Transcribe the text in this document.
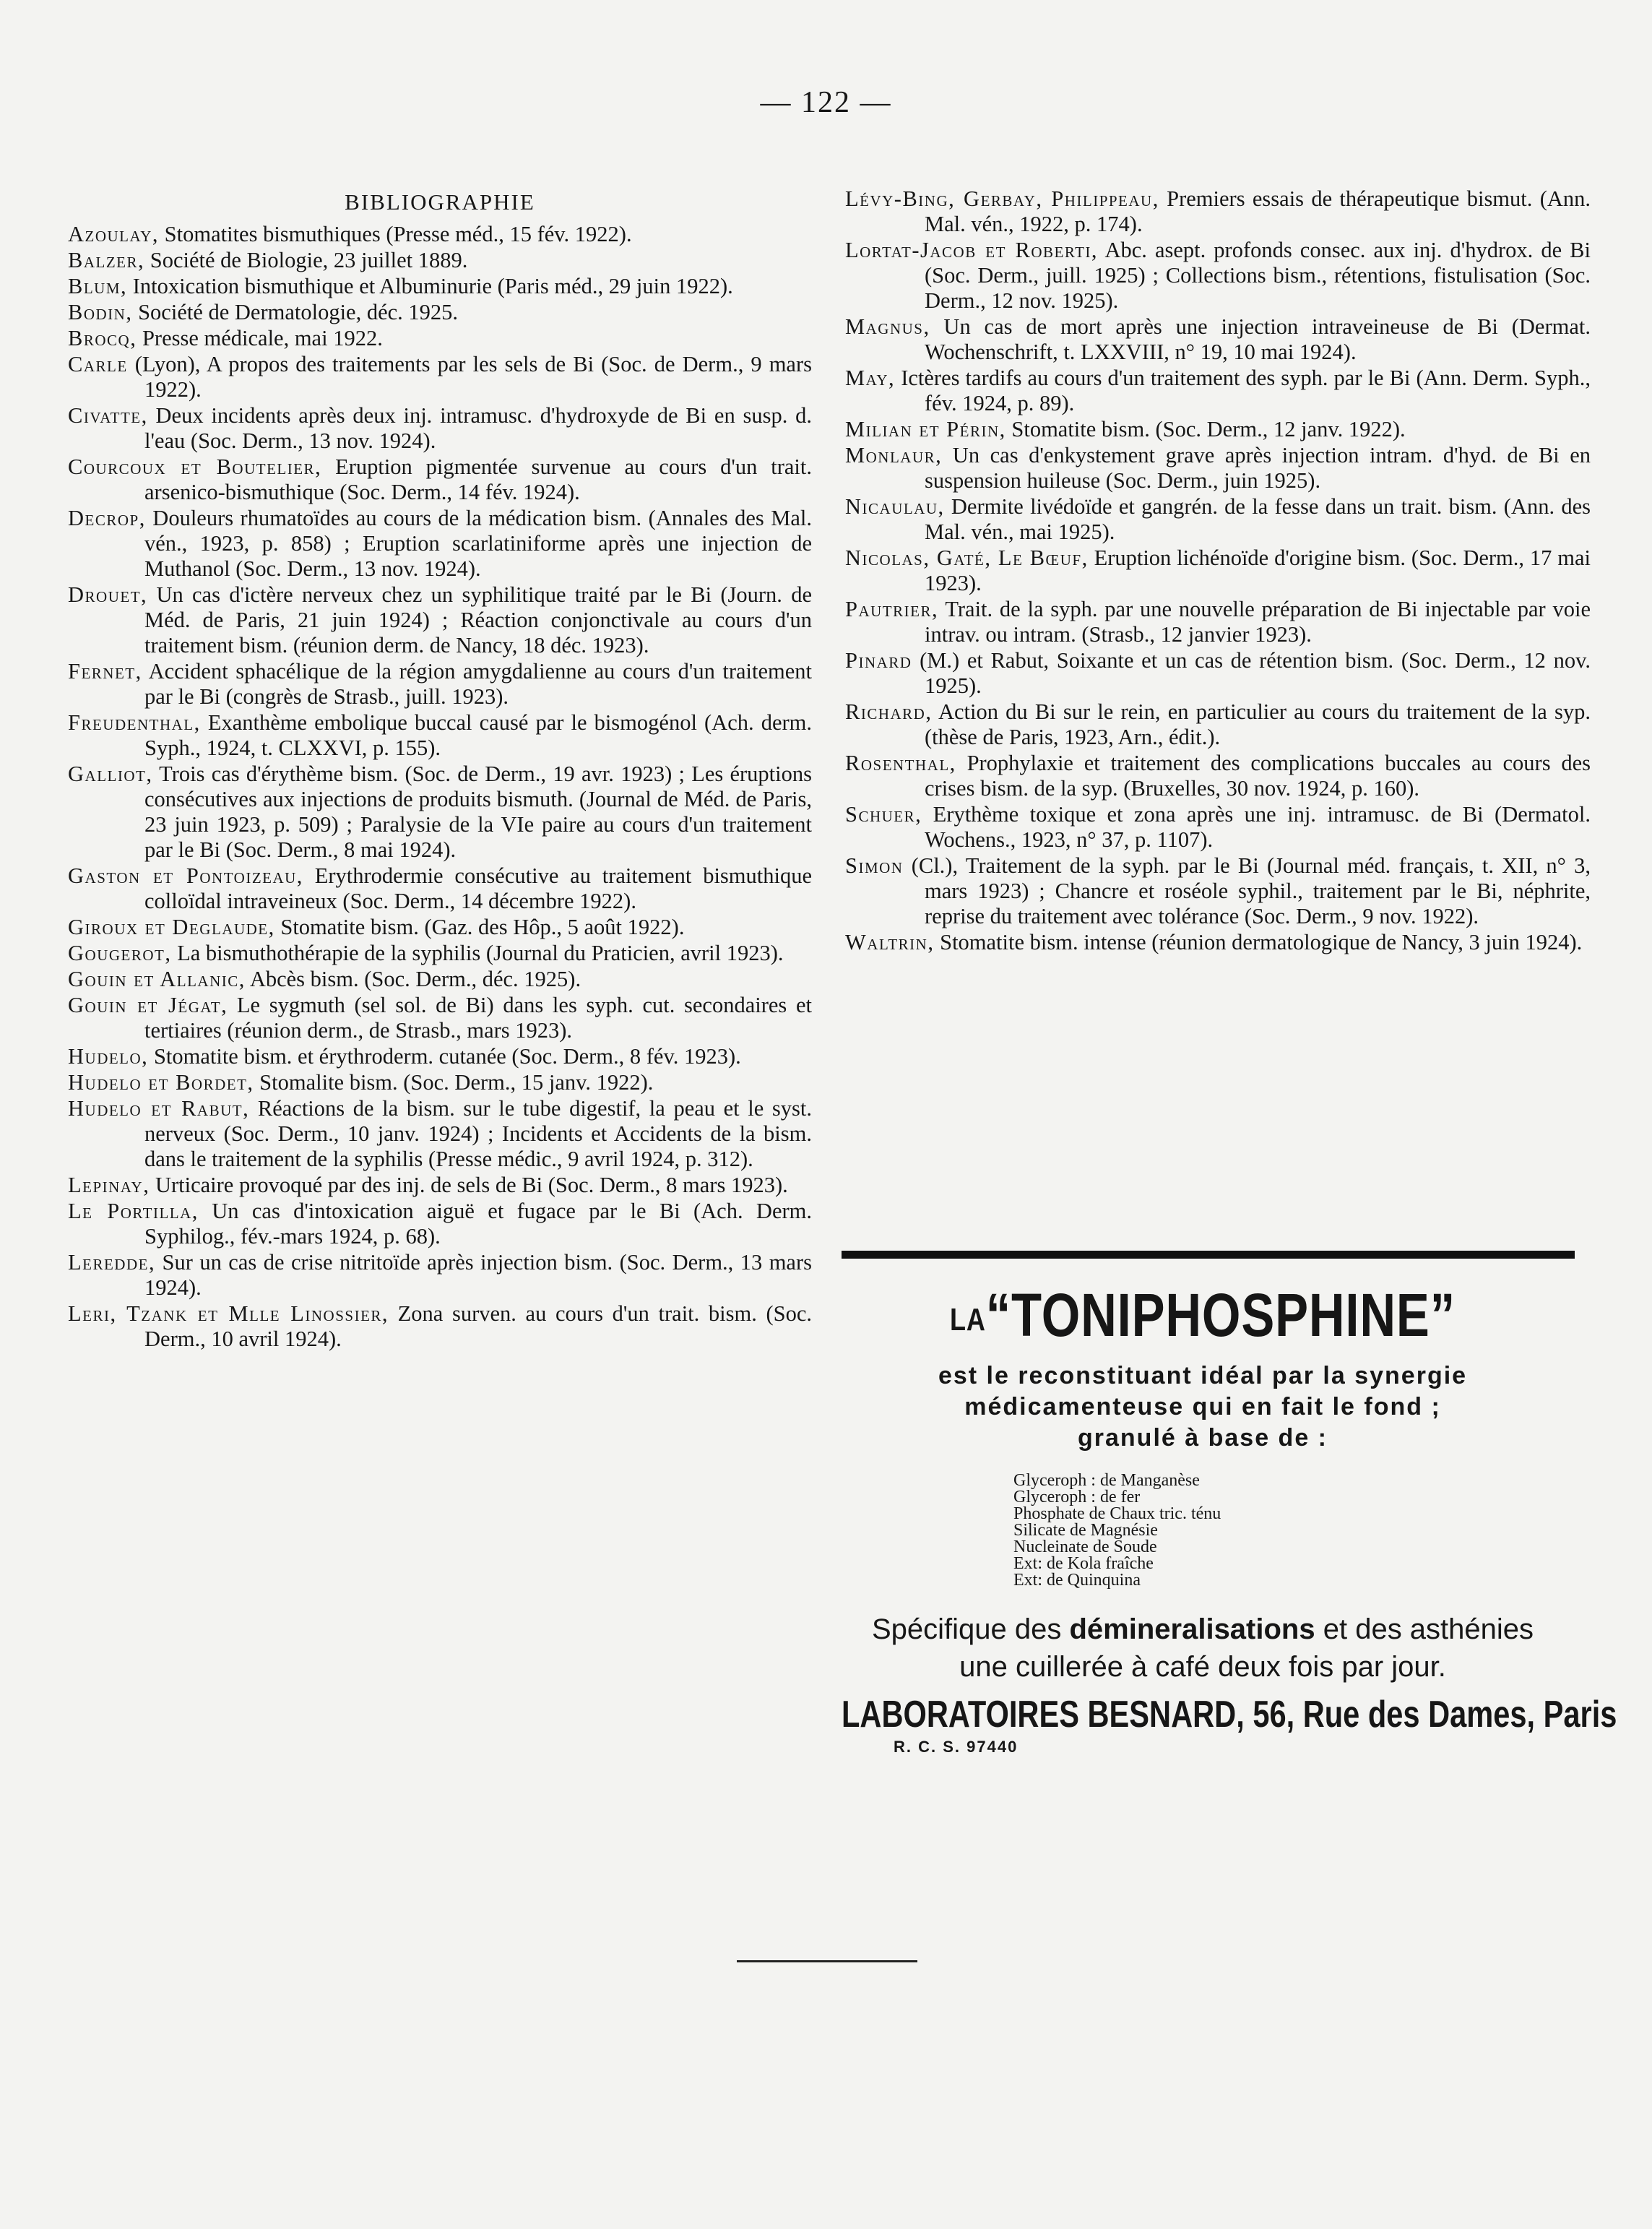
— 122 —
BIBLIOGRAPHIE

Azoulay, Stomatites bismuthiques (Presse méd., 15 fév. 1922).

Balzer, Société de Biologie, 23 juillet 1889.

Blum, Intoxication bismuthique et Albuminurie (Paris méd., 29 juin 1922).

Bodin, Société de Dermatologie, déc. 1925.

Brocq, Presse médicale, mai 1922.

Carle (Lyon), A propos des traitements par les sels de Bi (Soc. de Derm., 9 mars 1922).

Civatte, Deux incidents après deux inj. intramusc. d'hydroxyde de Bi en susp. d. l'eau (Soc. Derm., 13 nov. 1924).

Courcoux et Boutelier, Eruption pigmentée survenue au cours d'un trait. arsenico-bismuthique (Soc. Derm., 14 fév. 1924).

Decrop, Douleurs rhumatoïdes au cours de la médication bism. (Annales des Mal. vén., 1923, p. 858) ; Eruption scarlatiniforme après une injection de Muthanol (Soc. Derm., 13 nov. 1924).

Drouet, Un cas d'ictère nerveux chez un syphilitique traité par le Bi (Journ. de Méd. de Paris, 21 juin 1924) ; Réaction conjonctivale au cours d'un traitement bism. (réunion derm. de Nancy, 18 déc. 1923).

Fernet, Accident sphacélique de la région amygdalienne au cours d'un traitement par le Bi (congrès de Strasb., juill. 1923).

Freudenthal, Exanthème embolique buccal causé par le bismogénol (Ach. derm. Syph., 1924, t. CLXXVI, p. 155).

Galliot, Trois cas d'érythème bism. (Soc. de Derm., 19 avr. 1923) ; Les éruptions consécutives aux injections de produits bismuth. (Journal de Méd. de Paris, 23 juin 1923, p. 509) ; Paralysie de la VIe paire au cours d'un traitement par le Bi (Soc. Derm., 8 mai 1924).

Gaston et Pontoizeau, Erythrodermie consécutive au traitement bismuthique colloïdal intraveineux (Soc. Derm., 14 décembre 1922).

Giroux et Deglaude, Stomatite bism. (Gaz. des Hôp., 5 août 1922).

Gougerot, La bismuthothérapie de la syphilis (Journal du Praticien, avril 1923).

Gouin et Allanic, Abcès bism. (Soc. Derm., déc. 1925).

Gouin et Jégat, Le sygmuth (sel sol. de Bi) dans les syph. cut. secondaires et tertiaires (réunion derm., de Strasb., mars 1923).

Hudelo, Stomatite bism. et érythroderm. cutanée (Soc. Derm., 8 fév. 1923).

Hudelo et Bordet, Stomalite bism. (Soc. Derm., 15 janv. 1922).

Hudelo et Rabut, Réactions de la bism. sur le tube digestif, la peau et le syst. nerveux (Soc. Derm., 10 janv. 1924) ; Incidents et Accidents de la bism. dans le traitement de la syphilis (Presse médic., 9 avril 1924, p. 312).

Lepinay, Urticaire provoqué par des inj. de sels de Bi (Soc. Derm., 8 mars 1923).

Le Portilla, Un cas d'intoxication aiguë et fugace par le Bi (Ach. Derm. Syphilog., fév.-mars 1924, p. 68).

Leredde, Sur un cas de crise nitritoïde après injection bism. (Soc. Derm., 13 mars 1924).

Leri, Tzank et Mlle Linossier, Zona surven. au cours d'un trait. bism. (Soc. Derm., 10 avril 1924).

Lévy-Bing, Gerbay, Philippeau, Premiers essais de thérapeutique bismut. (Ann. Mal. vén., 1922, p. 174).

Lortat-Jacob et Roberti, Abc. asept. profonds consec. aux inj. d'hydrox. de Bi (Soc. Derm., juill. 1925) ; Collections bism., rétentions, fistulisation (Soc. Derm., 12 nov. 1925).

Magnus, Un cas de mort après une injection intraveineuse de Bi (Dermat. Wochenschrift, t. LXXVIII, n° 19, 10 mai 1924).

May, Ictères tardifs au cours d'un traitement des syph. par le Bi (Ann. Derm. Syph., fév. 1924, p. 89).

Milian et Périn, Stomatite bism. (Soc. Derm., 12 janv. 1922).

Monlaur, Un cas d'enkystement grave après injection intram. d'hyd. de Bi en suspension huileuse (Soc. Derm., juin 1925).

Nicaulau, Dermite livédoïde et gangrén. de la fesse dans un trait. bism. (Ann. des Mal. vén., mai 1925).

Nicolas, Gaté, Le Bœuf, Eruption lichénoïde d'origine bism. (Soc. Derm., 17 mai 1923).

Pautrier, Trait. de la syph. par une nouvelle préparation de Bi injectable par voie intrav. ou intram. (Strasb., 12 janvier 1923).

Pinard (M.) et Rabut, Soixante et un cas de rétention bism. (Soc. Derm., 12 nov. 1925).

Richard, Action du Bi sur le rein, en particulier au cours du traitement de la syp. (thèse de Paris, 1923, Arn., édit.).

Rosenthal, Prophylaxie et traitement des complications buccales au cours des crises bism. de la syp. (Bruxelles, 30 nov. 1924, p. 160).

Schuer, Erythème toxique et zona après une inj. intramusc. de Bi (Dermatol. Wochens., 1923, n° 37, p. 1107).

Simon (Cl.), Traitement de la syph. par le Bi (Journal méd. français, t. XII, n° 3, mars 1923) ; Chancre et roséole syphil., traitement par le Bi, néphrite, reprise du traitement avec tolérance (Soc. Derm., 9 nov. 1922).

Waltrin, Stomatite bism. intense (réunion dermatologique de Nancy, 3 juin 1924).

LA“TONIPHOSPHINE”
est le reconstituant idéal par la synergie
médicamenteuse qui en fait le fond ;
granulé à base de :
Glyceroph : de Manganèse
Glyceroph : de fer
Phosphate de Chaux tric. ténu
Silicate de Magnésie
Nucleinate de Soude
Ext: de Kola fraîche
Ext: de Quinquina
Spécifique des démineralisations et des asthénies
une cuillerée à café deux fois par jour.
LABORATOIRES BESNARD, 56, Rue des Dames, Paris
R. C. S. 97440
